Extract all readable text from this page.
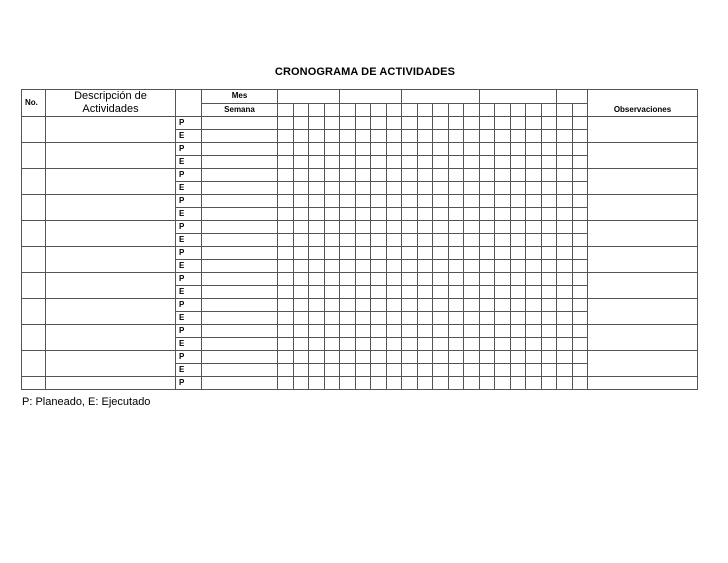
CRONOGRAMA DE ACTIVIDADES
No.	Descripción de Actividades		Mes																					Observaciones
			Semana																					
		P																						
		E																						
		P																						
		E																						
		P																						
		E																						
		P																						
		E																						
		P																						
		E																						
		P																						
		E																						
		P																						
		E																						
		P																						
		E																						
		P																						
		E																						
		P																						
		E																						
		P																						
P: Planeado, E: Ejecutado
